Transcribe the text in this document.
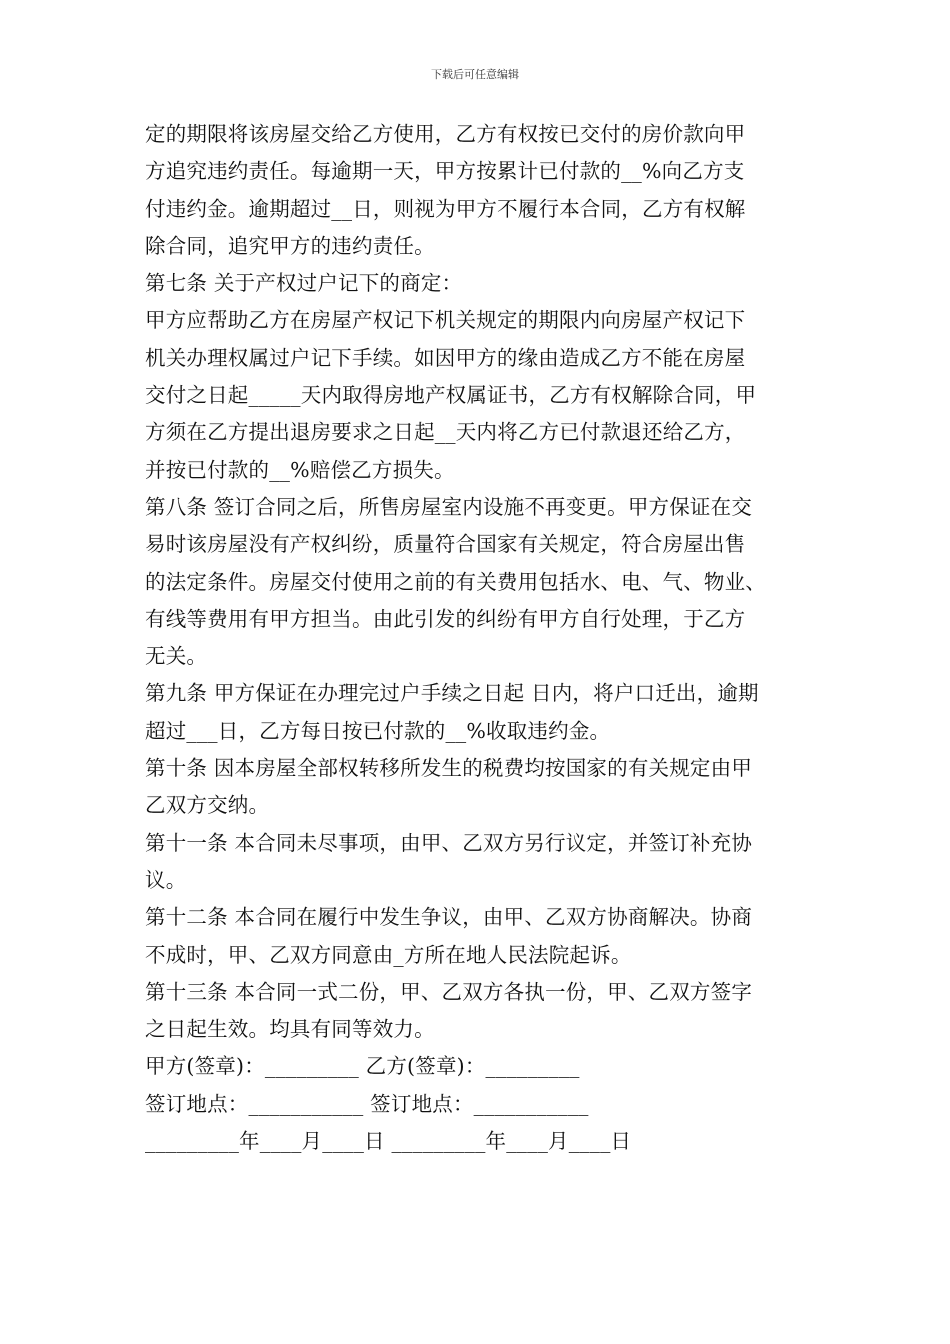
下载后可任意编辑

定的期限将该房屋交给乙方使用，乙方有权按已交付的房价款向甲

方追究违约责任。每逾期一天，甲方按累计已付款的__%向乙方支

付违约金。逾期超过__日，则视为甲方不履行本合同，乙方有权解

除合同，追究甲方的违约责任。

第七条 关于产权过户记下的商定：

甲方应帮助乙方在房屋产权记下机关规定的期限内向房屋产权记下

机关办理权属过户记下手续。如因甲方的缘由造成乙方不能在房屋

交付之日起_____天内取得房地产权属证书，乙方有权解除合同，甲

方须在乙方提出退房要求之日起__天内将乙方已付款退还给乙方，

并按已付款的__%赔偿乙方损失。

第八条 签订合同之后，所售房屋室内设施不再变更。甲方保证在交

易时该房屋没有产权纠纷，质量符合国家有关规定，符合房屋出售

的法定条件。房屋交付使用之前的有关费用包括水、电、气、物业、

有线等费用有甲方担当。由此引发的纠纷有甲方自行处理，于乙方

无关。

第九条 甲方保证在办理完过户手续之日起 日内，将户口迁出，逾期

超过___日，乙方每日按已付款的__%收取违约金。

第十条 因本房屋全部权转移所发生的税费均按国家的有关规定由甲

乙双方交纳。

第十一条 本合同未尽事项，由甲、乙双方另行议定，并签订补充协

议。

第十二条 本合同在履行中发生争议，由甲、乙双方协商解决。协商

不成时，甲、乙双方同意由_方所在地人民法院起诉。

第十三条 本合同一式二份，甲、乙双方各执一份，甲、乙双方签字

之日起生效。均具有同等效力。

甲方(签章)：_________ 乙方(签章)：_________

签订地点：___________ 签订地点：___________

_________年____月____日 _________年____月____日
